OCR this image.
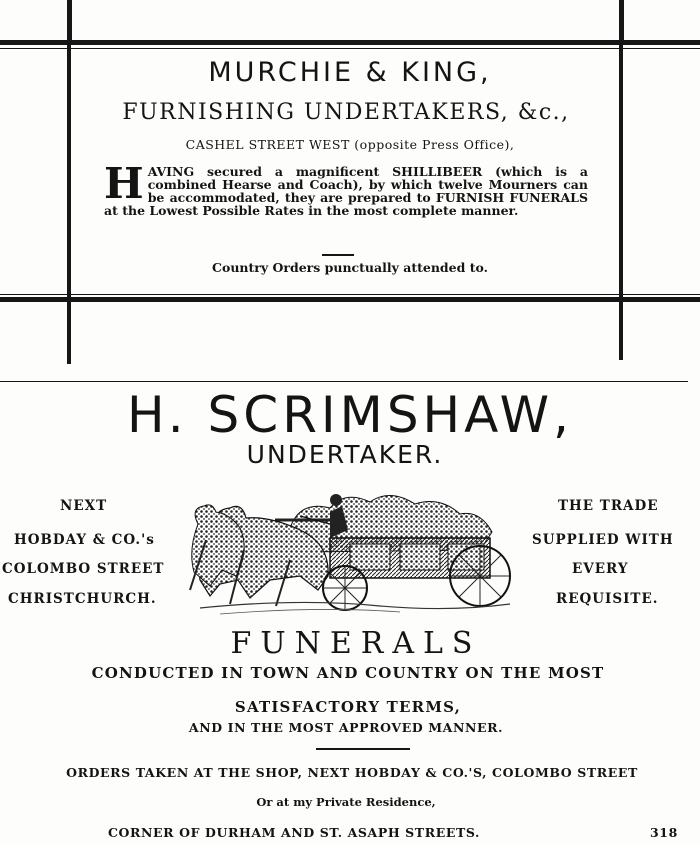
MURCHIE & KING,
FURNISHING UNDERTAKERS, &c.,
CASHEL STREET WEST (opposite Press Office),
H AVING secured a magnificent SHILLIBEER (which is a combined Hearse and Coach), by which twelve Mourners can be accommodated, they are prepared to FURNISH FUNERALS at the Lowest Possible Rates in the most complete manner.
Country Orders punctually attended to.
H. SCRIMSHAW,
UNDERTAKER.
NEXT
HOBDAY & CO.'s
COLOMBO STREET
CHRISTCHURCH.
THE TRADE
SUPPLIED WITH
EVERY
REQUISITE.
FUNERALS
CONDUCTED IN TOWN AND COUNTRY ON THE MOST
SATISFACTORY TERMS,
AND IN THE MOST APPROVED MANNER.
ORDERS TAKEN AT THE SHOP, NEXT HOBDAY & CO.'S, COLOMBO STREET
Or at my Private Residence,
CORNER OF DURHAM AND ST. ASAPH STREETS.	318
